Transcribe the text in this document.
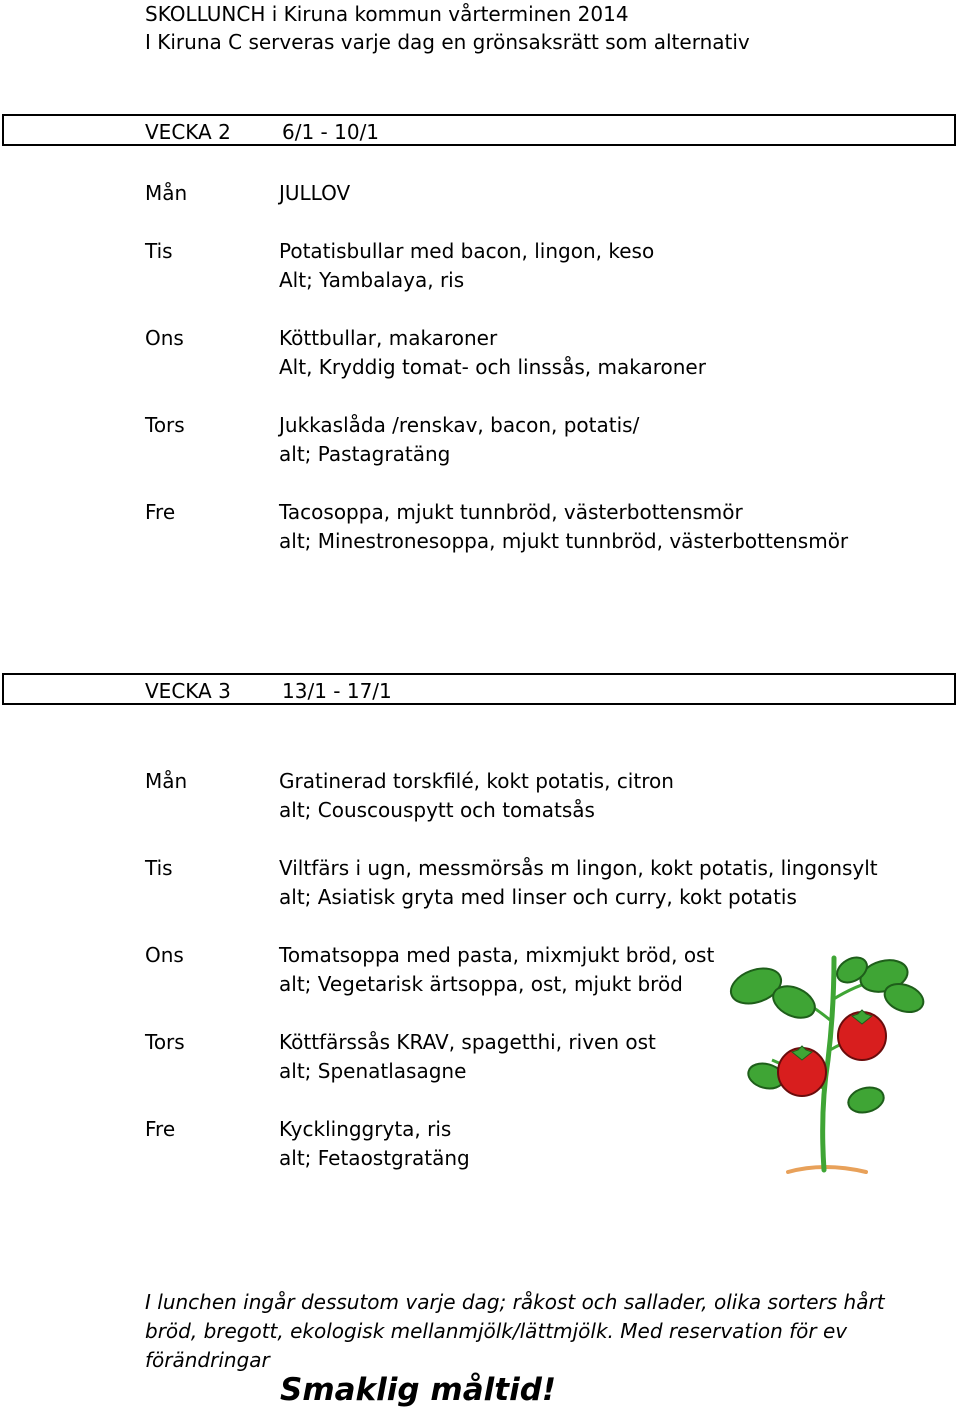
SKOLLUNCH i Kiruna kommun vårterminen 2014
I Kiruna C serveras varje dag en grönsaksrätt som alternativ
VECKA 2	6/1 - 10/1
Mån	JULLOV
Tis	Potatisbullar med bacon, lingon, keso
Alt; Yambalaya, ris
Ons	Köttbullar, makaroner
Alt, Kryddig tomat- och linssås, makaroner
Tors	Jukkaslåda /renskav, bacon, potatis/
alt; Pastagratäng
Fre	Tacosoppa, mjukt tunnbröd, västerbottensmör
alt; Minestronesoppa, mjukt tunnbröd, västerbottensmör
VECKA 3	13/1 - 17/1
Mån	Gratinerad torskfilé, kokt potatis, citron
alt; Couscouspytt och tomatsås
Tis	Viltfärs i ugn, messmörsås m lingon, kokt potatis, lingonsylt
alt; Asiatisk gryta med linser och curry, kokt potatis
Ons	Tomatsoppa med pasta, mixmjukt bröd, ost
alt; Vegetarisk ärtsoppa, ost, mjukt bröd
Tors	Köttfärssås KRAV, spagetthi, riven ost
alt; Spenatlasagne
Fre	Kycklinggryta, ris
alt; Fetaostgratäng
I lunchen ingår dessutom varje dag; råkost och sallader, olika sorters hårt bröd, bregott, ekologisk mellanmjölk/lättmjölk. Med reservation för ev förändringar
Smaklig måltid!
